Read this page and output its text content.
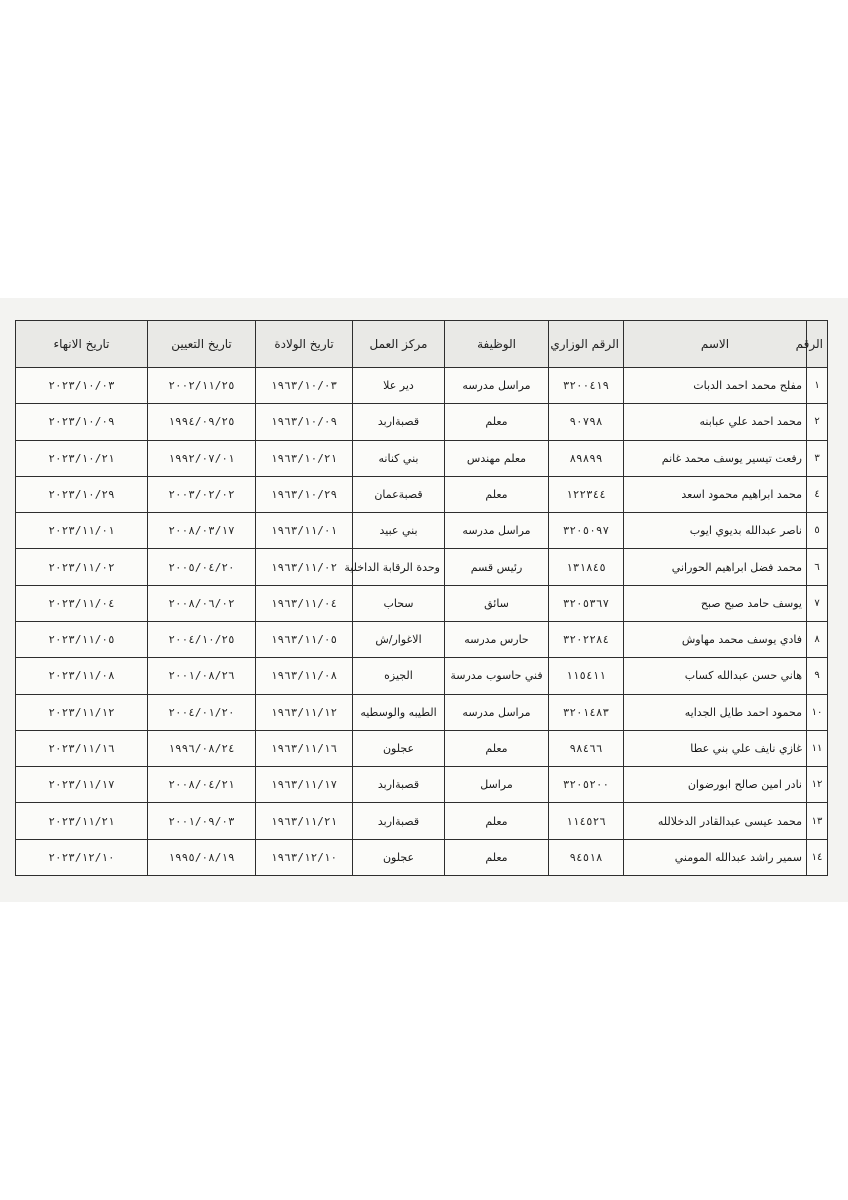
الرقم	الاسم	الرقم الوزاري	الوظيفة	مركز العمل	تاريخ الولادة	تاريخ التعيين	تاريخ الانهاء
١	مفلح محمد احمد الدبات	٣٢٠٠٤١٩	مراسل مدرسه	دير علا	١٩٦٣/١٠/٠٣	٢٠٠٢/١١/٢٥	٢٠٢٣/١٠/٠٣
٢	محمد احمد علي عبابنه	٩٠٧٩٨	معلم	قصبةاربد	١٩٦٣/١٠/٠٩	١٩٩٤/٠٩/٢٥	٢٠٢٣/١٠/٠٩
٣	رفعت تيسير يوسف محمد غانم	٨٩٨٩٩	معلم مهندس	بني كنانه	١٩٦٣/١٠/٢١	١٩٩٢/٠٧/٠١	٢٠٢٣/١٠/٢١
٤	محمد ابراهيم محمود اسعد	١٢٢٣٤٤	معلم	قصبةعمان	١٩٦٣/١٠/٢٩	٢٠٠٣/٠٢/٠٢	٢٠٢٣/١٠/٢٩
٥	ناصر عبدالله بديوي ايوب	٣٢٠٥٠٩٧	مراسل مدرسه	بني عبيد	١٩٦٣/١١/٠١	٢٠٠٨/٠٣/١٧	٢٠٢٣/١١/٠١
٦	محمد فضل ابراهيم الحوراني	١٣١٨٤٥	رئيس قسم	وحدة الرقابة الداخلية	١٩٦٣/١١/٠٢	٢٠٠٥/٠٤/٢٠	٢٠٢٣/١١/٠٢
٧	يوسف حامد صبح صبح	٣٢٠٥٣٦٧	سائق	سحاب	١٩٦٣/١١/٠٤	٢٠٠٨/٠٦/٠٢	٢٠٢٣/١١/٠٤
٨	فادي يوسف محمد مهاوش	٣٢٠٢٢٨٤	حارس مدرسه	الاغوار/ش	١٩٦٣/١١/٠٥	٢٠٠٤/١٠/٢٥	٢٠٢٣/١١/٠٥
٩	هاني حسن عبدالله كساب	١١٥٤١١	فني حاسوب مدرسة	الجيزه	١٩٦٣/١١/٠٨	٢٠٠١/٠٨/٢٦	٢٠٢٣/١١/٠٨
١٠	محمود احمد طايل الجدايه	٣٢٠١٤٨٣	مراسل مدرسه	الطيبه والوسطيه	١٩٦٣/١١/١٢	٢٠٠٤/٠١/٢٠	٢٠٢٣/١١/١٢
١١	غازي نايف علي بني عطا	٩٨٤٦٦	معلم	عجلون	١٩٦٣/١١/١٦	١٩٩٦/٠٨/٢٤	٢٠٢٣/١١/١٦
١٢	نادر امين صالح ابورضوان	٣٢٠٥٢٠٠	مراسل	قصبةاربد	١٩٦٣/١١/١٧	٢٠٠٨/٠٤/٢١	٢٠٢٣/١١/١٧
١٣	محمد عيسى عبدالقادر الدخلالله	١١٤٥٢٦	معلم	قصبةاربد	١٩٦٣/١١/٢١	٢٠٠١/٠٩/٠٣	٢٠٢٣/١١/٢١
١٤	سمير راشد عبدالله المومني	٩٤٥١٨	معلم	عجلون	١٩٦٣/١٢/١٠	١٩٩٥/٠٨/١٩	٢٠٢٣/١٢/١٠
